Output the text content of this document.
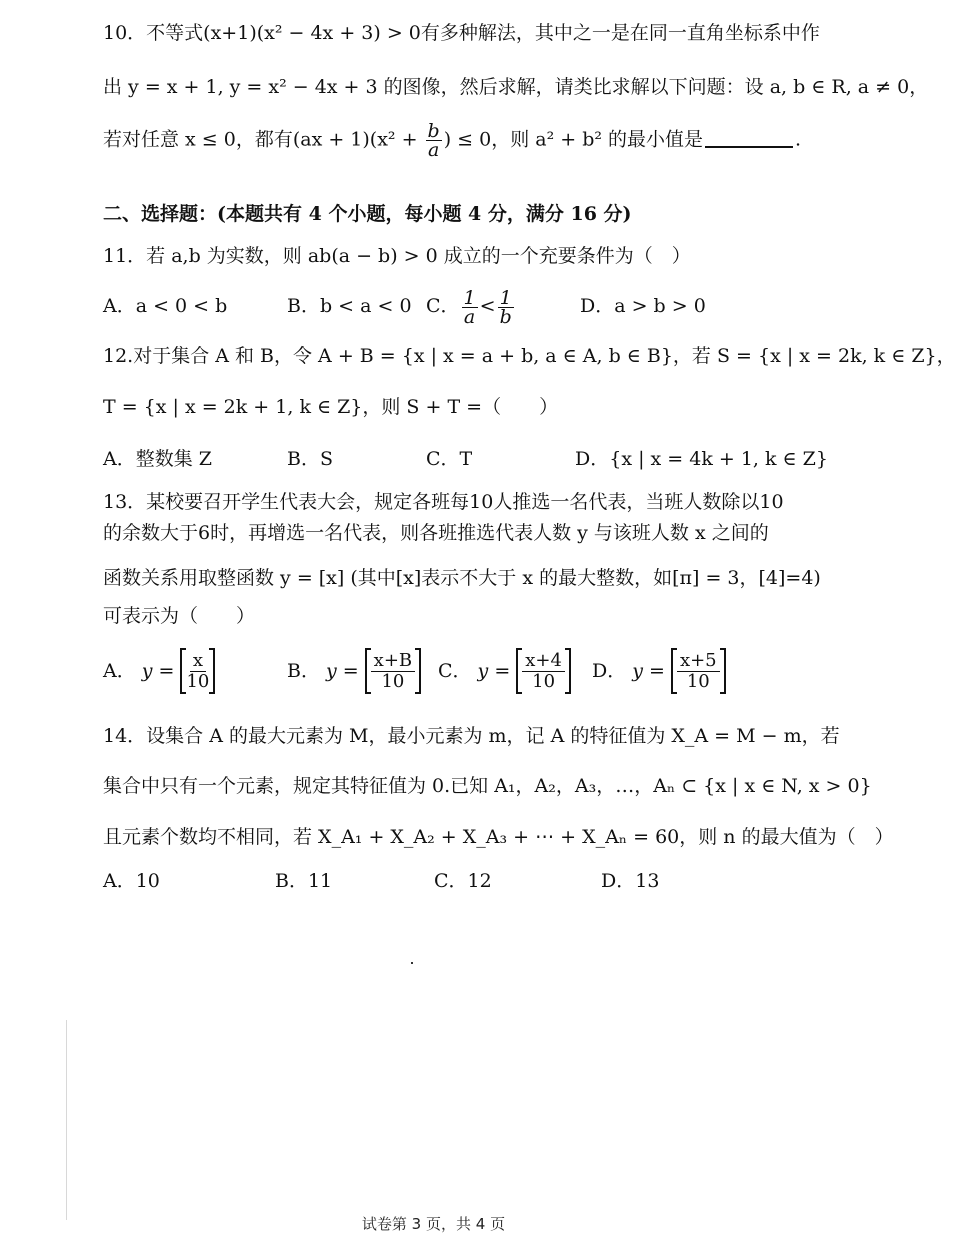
10．不等式(x+1)(x² − 4x + 3) > 0有多种解法，其中之一是在同一直角坐标系中作
出 y = x + 1, y = x² − 4x + 3 的图像，然后求解，请类比求解以下问题：设 a, b ∈ R, a ≠ 0，
若对任意 x ≤ 0，都有$(ax + 1)(x^2 + \frac{b}{a}$ ) ≤ 0，则 a² + b² 的最小值是	.
二、选择题：(本题共有 4 个小题，每小题 4 分，满分 16 分)
11．若 a,b 为实数，则 ab(a − b) > 0 成立的一个充要条件为（　）
A．a < 0 < b	B．b < a < 0 C． $\frac{1}{a} < \frac{1}{b}$	D．a > b > 0
12.对于集合 A 和 B，令 A + B = {x | x = a + b, a ∈ A, b ∈ B}，若 S = {x | x = 2k, k ∈ Z}，
T = {x | x = 2k + 1, k ∈ Z}，则 S + T =（　　）
A．整数集 Z	B．S	C．T	D．{x | x = 4k + 1, k ∈ Z}
13．某校要召开学生代表大会，规定各班每10人推选一名代表，当班人数除以10
的余数大于6时，再增选一名代表，则各班推选代表人数 y 与该班人数 x 之间的
函数关系用取整函数 y = [x] (其中[x]表示不大于 x 的最大整数，如[π] = 3，[4]=4)
可表示为（　　）
A． $y = \frac{x}{10}$	B． $y = \frac{x+B}{10}$ C． $y = \frac{x+4}{10}$ D． $y = \frac{x+5}{10}$
14．设集合 A 的最大元素为 M，最小元素为 m，记 A 的特征值为 X_A = M − m，若
集合中只有一个元素，规定其特征值为 0.已知 A₁，A₂，A₃，…，Aₙ ⊂ {x | x ∈ N, x > 0}
且元素个数均不相同，若 X_A₁ + X_A₂ + X_A₃ + ⋯ + X_Aₙ = 60，则 n 的最大值为（　）
A．10	B．11	C．12	D．13
试卷第 3 页，共 4 页
